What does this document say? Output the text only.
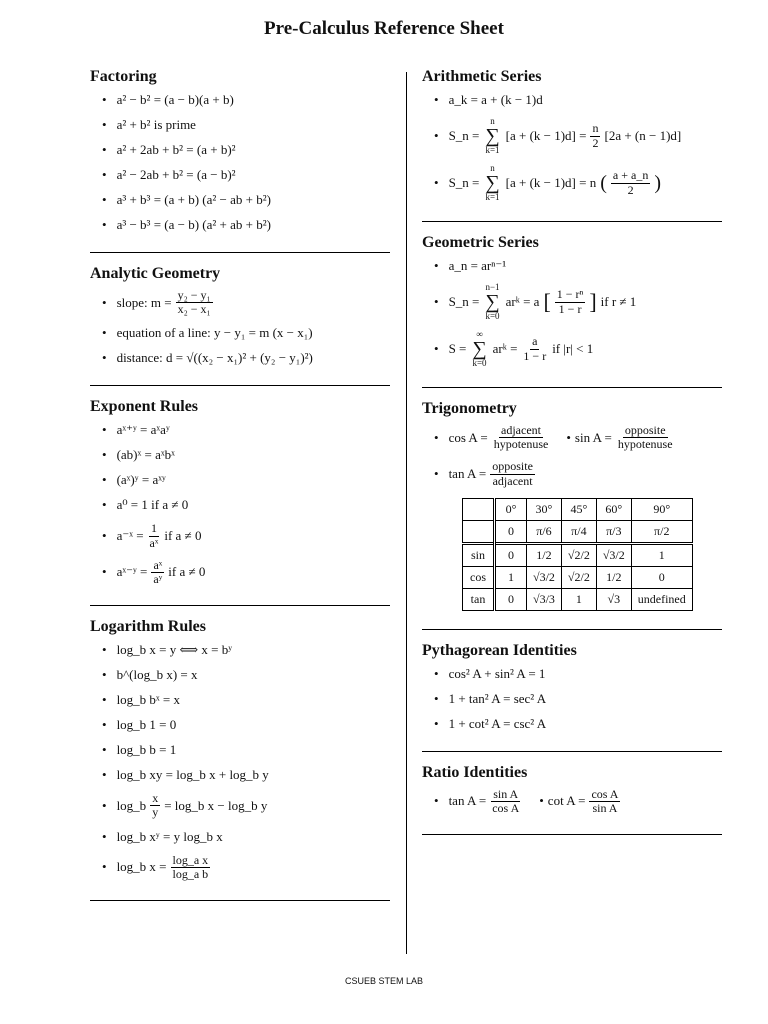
Pre-Calculus Reference Sheet
Factoring
• a² − b² = (a − b)(a + b)
• a² + b² is prime
• a² + 2ab + b² = (a + b)²
• a² − 2ab + b² = (a − b)²
• a³ + b³ = (a + b) (a² − ab + b²)
• a³ − b³ = (a − b) (a² + ab + b²)
Analytic Geometry
• slope: $m = \frac{\text{y₂ − y₁}}{\text{x₂ − x₁}}$
• equation of a line: y − y₁ = m (x − x₁)
• distance: d = √((x₂ − x₁)² + (y₂ − y₁)²)
Exponent Rules
• aˣ⁺ʸ = aˣaʸ
• (ab)ˣ = aˣbˣ
• (aˣ)ʸ = aˣʸ
• a⁰ = 1 if a ≠ 0
• a⁻ˣ = $\frac{1}{\text{aˣ}}$ if a ≠ 0
• aˣ⁻ʸ = $\frac{\text{aˣ}}{\text{aʸ}}$ if a ≠ 0
Logarithm Rules
• log_b x = y ⟺ x = bʸ
• b^(log_b x) = x
• log_b bˣ = x
• log_b 1 = 0
• log_b b = 1
• log_b xy = log_b x + log_b y
• log_b $\frac{x}{y}$ = log_b x − log_b y
• log_b xʸ = y log_b x
• log_b $x = \frac{\text{log\_a x}}{\text{log\_a b}}$
Arithmetic Series
• a_k = a + (k − 1)d
• S_n =
n
∑
k=1
$[a + (k - 1)d] = \frac{n}{2} [2a + (n - 1)d]$
• S_n =
n
∑
k=1
[a + (k − 1)d] = n ( $\frac{a + a\_n}{2}$ )
Geometric Series
• a_n = arⁿ⁻¹
• S_n =
n−1
∑
k=0
arᵏ = a [ $\frac{\text{1 − rⁿ}}{1 - r}$ ] if r ≠ 1
• S =
∞
∑
k=0
arᵏ = $\frac{a}{1 - r}$ if |r| < 1
Trigonometry
• cos A = adjacent
hypotenuse • sin A = opposite
hypotenuse
• tan A = opposite
adjacent
	0°	30°	45°	60°	90°
	0	π/6	π/4	π/3	π/2
sin	0	1/2	√2/2	√3/2	1
cos	1	√3/2	√2/2	1/2	0
tan	0	√3/3	1	√3	undefined
Pythagorean Identities
• cos² A + sin² A = 1
• 1 + tan² A = sec² A
• 1 + cot² A = csc² A
Ratio Identities
• $\tan A = \frac{\text{sin A}}{\text{cos A}}$ • $\cot A = \frac{\text{cos A}}{\text{sin A}}$
CSUEB STEM LAB
